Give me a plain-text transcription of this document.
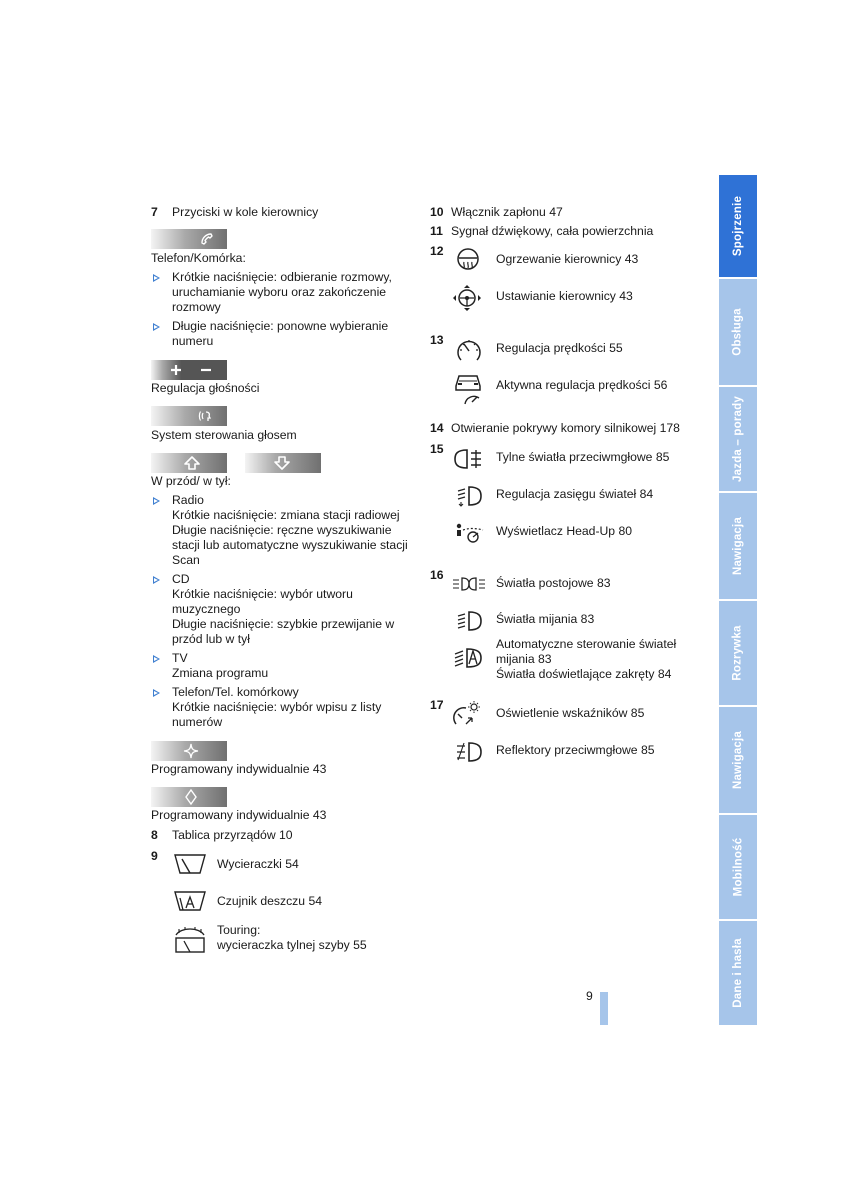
7 Przyciski w kole kierownicy
Telefon/Komórka:
Krótkie naciśnięcie: odbieranie rozmowy,
uruchamianie wyboru oraz zakończenie
rozmowy
Długie naciśnięcie: ponowne wybieranie
numeru
Regulacja głośności
System sterowania głosem
W przód/ w tył:
Radio
Krótkie naciśnięcie: zmiana stacji radiowej
Długie naciśnięcie: ręczne wyszukiwanie
stacji lub automatyczne wyszukiwanie stacji
Scan
CD
Krótkie naciśnięcie: wybór utworu
muzycznego
Długie naciśnięcie: szybkie przewijanie w
przód lub w tył
TV
Zmiana programu
Telefon/Tel. komórkowy
Krótkie naciśnięcie: wybór wpisu z listy
numerów
Programowany indywidualnie 43
Programowany indywidualnie 43
8 Tablica przyrządów 10
9
Wycieraczki 54
Czujnik deszczu 54
Touring:
wycieraczka tylnej szyby 55
10 Włącznik zapłonu 47
11 Sygnał dźwiękowy, cała powierzchnia
12
Ogrzewanie kierownicy 43
Ustawianie kierownicy 43
13
Regulacja prędkości 55
Aktywna regulacja prędkości 56
14 Otwieranie pokrywy komory silnikowej 178
15
Tylne światła przeciwmgłowe 85
Regulacja zasięgu świateł 84
Wyświetlacz Head-Up 80
16
Światła postojowe 83
Światła mijania 83
Automatyczne sterowanie świateł
mijania 83
Światła doświetlające zakręty 84
17
Oświetlenie wskaźników 85
Reflektory przeciwmgłowe 85
9
Spojrzenie
Obsługa
Jazda – porady
Nawigacja
Rozrywka
Nawigacja
Mobilność
Dane i hasła
